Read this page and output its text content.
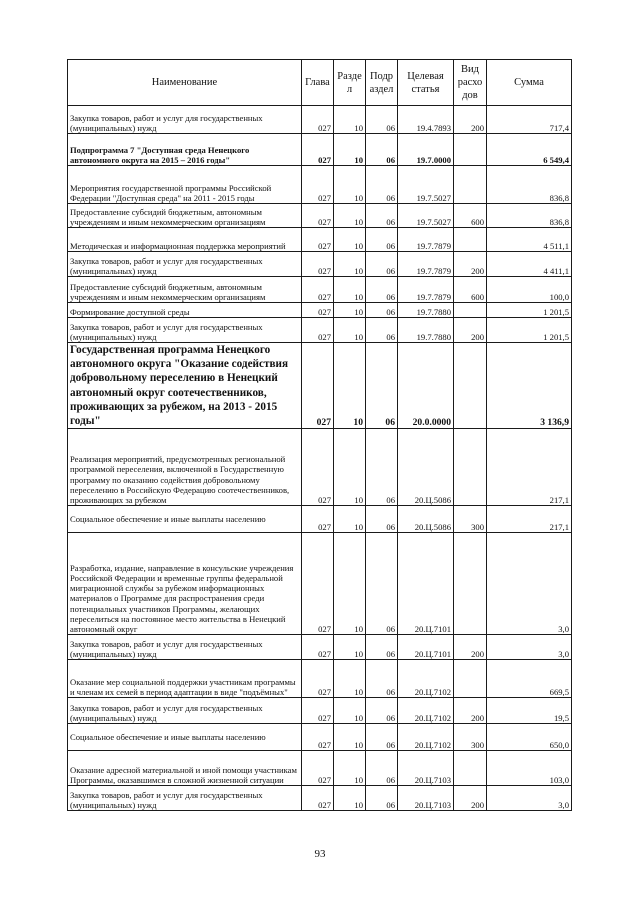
Наименование	Глава	Разде л	Подр аздел	Целевая статья	Вид расхо дов	Сумма
Закупка товаров, работ и услуг для государственных (муниципальных) нужд	027	10	06	19.4.7893	200	717,4
Подпрограмма 7 "Доступная среда Ненецкого автономного округа на 2015 – 2016 годы"	027	10	06	19.7.0000		6 549,4
Мероприятия государственной программы Российской Федерации "Доступная среда" на 2011 - 2015 годы	027	10	06	19.7.5027		836,8
Предоставление субсидий бюджетным, автономным учреждениям и иным некоммерческим организациям	027	10	06	19.7.5027	600	836,8
Методическая и информационная поддержка мероприятий	027	10	06	19.7.7879		4 511,1
Закупка товаров, работ и услуг для государственных (муниципальных) нужд	027	10	06	19.7.7879	200	4 411,1
Предоставление субсидий бюджетным, автономным учреждениям и иным некоммерческим организациям	027	10	06	19.7.7879	600	100,0
Формирование доступной среды	027	10	06	19.7.7880		1 201,5
Закупка товаров, работ и услуг для государственных (муниципальных) нужд	027	10	06	19.7.7880	200	1 201,5
Государственная программа Ненецкого автономного округа "Оказание содействия добровольному переселению в Ненецкий автономный округ соотечественников, проживающих за рубежом, на 2013 - 2015 годы"	027	10	06	20.0.0000		3 136,9
Реализация мероприятий, предусмотренных региональной программой переселения, включенной в Государственную программу по оказанию содействия добровольному переселению в Российскую Федерацию соотечественников, проживающих за рубежом	027	10	06	20.Ц.5086		217,1
Социальное обеспечение и иные выплаты населению	027	10	06	20.Ц.5086	300	217,1
Разработка, издание, направление в консульские учреждения Российской Федерации и временные группы федеральной миграционной службы за рубежом информационных материалов о Программе для распространения среди потенциальных участников Программы, желающих переселиться на постоянное место жительства в Ненецкий автономный округ	027	10	06	20.Ц.7101		3,0
Закупка товаров, работ и услуг для государственных (муниципальных) нужд	027	10	06	20.Ц.7101	200	3,0
Оказание мер социальной поддержки участникам программы и членам их семей в период адаптации в виде "подъёмных"	027	10	06	20.Ц.7102		669,5
Закупка товаров, работ и услуг для государственных (муниципальных) нужд	027	10	06	20.Ц.7102	200	19,5
Социальное обеспечение и иные выплаты населению	027	10	06	20.Ц.7102	300	650,0
Оказание адресной материальной и иной помощи участникам Программы, оказавшимся в сложной жизненной ситуации	027	10	06	20.Ц.7103		103,0
Закупка товаров, работ и услуг для государственных (муниципальных) нужд	027	10	06	20.Ц.7103	200	3,0
93
